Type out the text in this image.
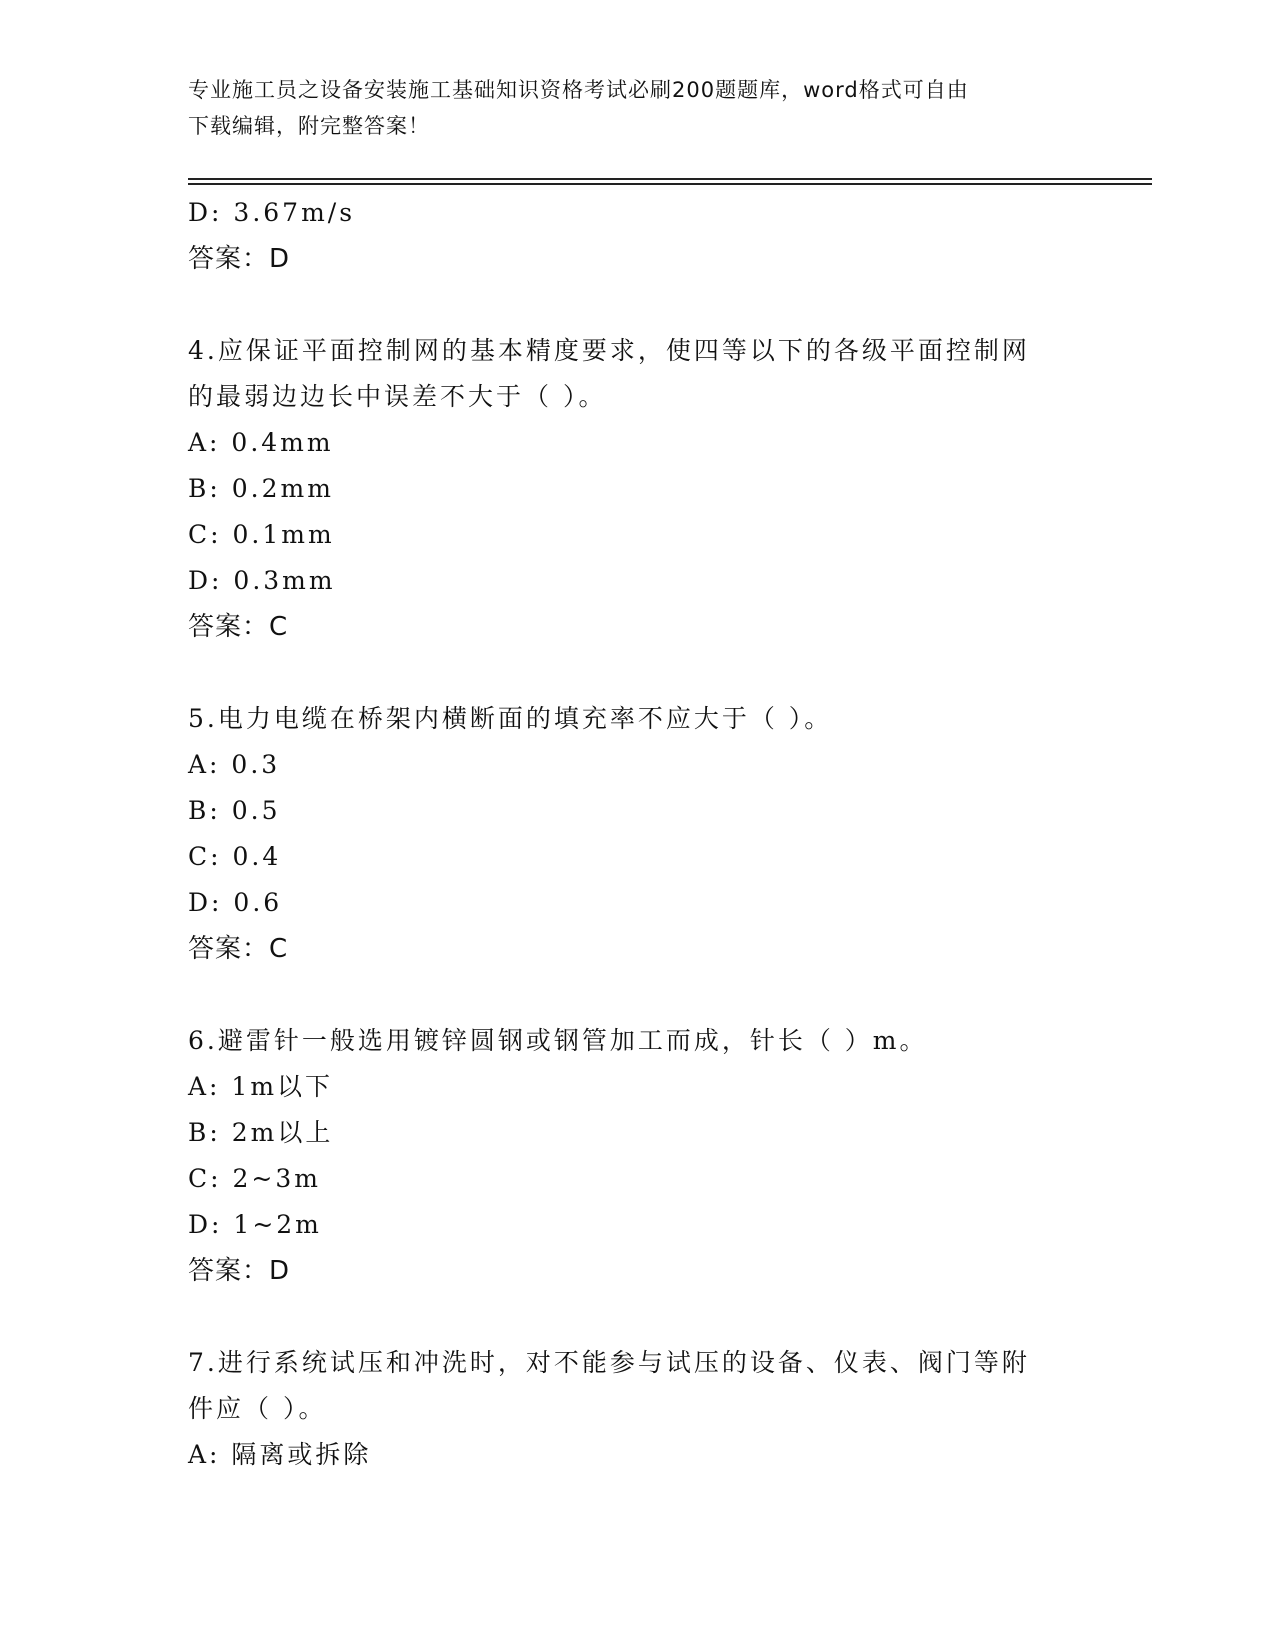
专业施工员之设备安装施工基础知识资格考试必刷200题题库，word格式可自由
下载编辑，附完整答案！
D: 3.67m/s
答案：D
4.应保证平面控制网的基本精度要求，使四等以下的各级平面控制网
的最弱边边长中误差不大于（ ）。
A: 0.4mm
B: 0.2mm
C: 0.1mm
D: 0.3mm
答案：C
5.电力电缆在桥架内横断面的填充率不应大于（ ）。
A: 0.3
B: 0.5
C: 0.4
D: 0.6
答案：C
6.避雷针一般选用镀锌圆钢或钢管加工而成，针长（ ）m。
A: 1m以下
B: 2m以上
C: 2~3m
D: 1~2m
答案：D
7.进行系统试压和冲洗时，对不能参与试压的设备、仪表、阀门等附
件应（ ）。
A: 隔离或拆除
